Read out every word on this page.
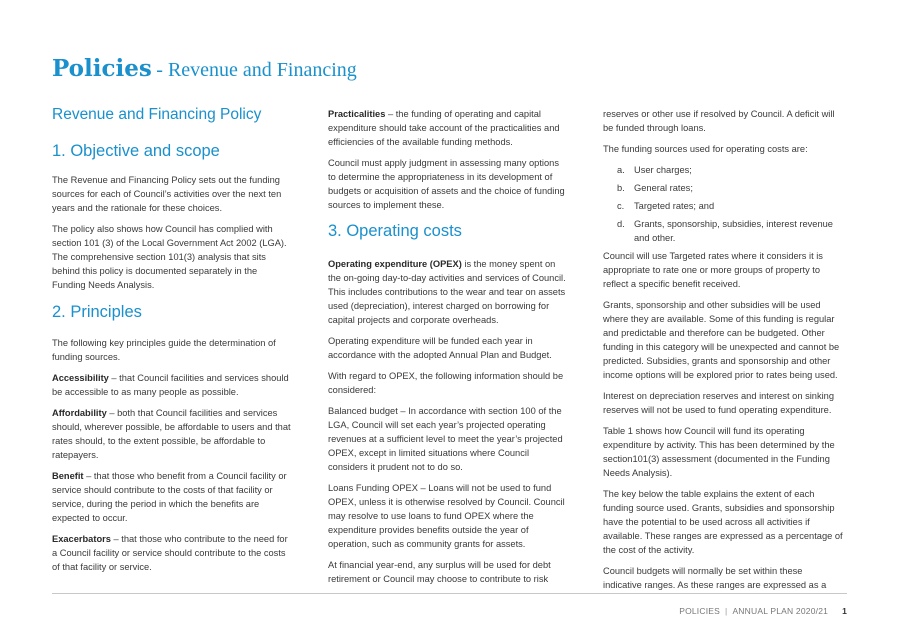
Policies - Revenue and Financing
Revenue and Financing Policy
1. Objective and scope

The Revenue and Financing Policy sets out the funding sources for each of Council’s activities over the next ten years and the rationale for these choices.

The policy also shows how Council has complied with section 101 (3) of the Local Government Act 2002 (LGA). The comprehensive section 101(3) analysis that sits behind this policy is documented separately in the Funding Needs Analysis.

2. Principles

The following key principles guide the determination of funding sources.

Accessibility – that Council facilities and services should be accessible to as many people as possible.

Affordability – both that Council facilities and services should, wherever possible, be affordable to users and that rates should, to the extent possible, be affordable to ratepayers.

Benefit – that those who benefit from a Council facility or service should contribute to the costs of that facility or service, during the period in which the benefits are expected to occur.

Exacerbators – that those who contribute to the need for a Council facility or service should contribute to the costs of that facility or service.

Practicalities – the funding of operating and capital expenditure should take account of the practicalities and efficiencies of the available funding methods.

Council must apply judgment in assessing many options to determine the appropriateness in its development of budgets or acquisition of assets and the choice of funding sources to implement these.

3. Operating costs

Operating expenditure (OPEX) is the money spent on the on-going day-to-day activities and services of Council. This includes contributions to the wear and tear on assets used (depreciation), interest charged on borrowing for capital projects and corporate overheads.

Operating expenditure will be funded each year in accordance with the adopted Annual Plan and Budget.

With regard to OPEX, the following information should be considered:

Balanced budget – In accordance with section 100 of the LGA, Council will set each year’s projected operating revenues at a sufficient level to meet the year’s projected OPEX, except in limited situations where Council considers it prudent not to do so.

Loans Funding OPEX – Loans will not be used to fund OPEX, unless it is otherwise resolved by Council. Council may resolve to use loans to fund OPEX where the expenditure provides benefits outside the year of operation, such as community grants for assets.

At financial year-end, any surplus will be used for debt retirement or Council may choose to contribute to risk

reserves or other use if resolved by Council. A deficit will be funded through loans.

The funding sources used for operating costs are:

a. User charges;
b. General rates;
c.	Targeted rates; and
d. Grants, sponsorship, subsidies, interest revenue and other.

Council will use Targeted rates where it considers it is appropriate to rate one or more groups of property to reflect a specific benefit received.

Grants, sponsorship and other subsidies will be used where they are available. Some of this funding is regular and predictable and therefore can be budgeted. Other funding in this category will be unexpected and cannot be predicted. Subsidies, grants and sponsorship and other income options will be explored prior to rates being used.

Interest on depreciation reserves and interest on sinking reserves will not be used to fund operating expenditure.

Table 1 shows how Council will fund its operating expenditure by activity. This has been determined by the section101(3) assessment (documented in the Funding Needs Analysis).

The key below the table explains the extent of each funding source used. Grants, subsidies and sponsorship have the potential to be used across all activities if available. These ranges are expressed as a percentage of the cost of the activity.

Council budgets will normally be set within these indicative ranges. As these ranges are expressed as a

POLICIES | ANNUAL PLAN 2020/21 1
